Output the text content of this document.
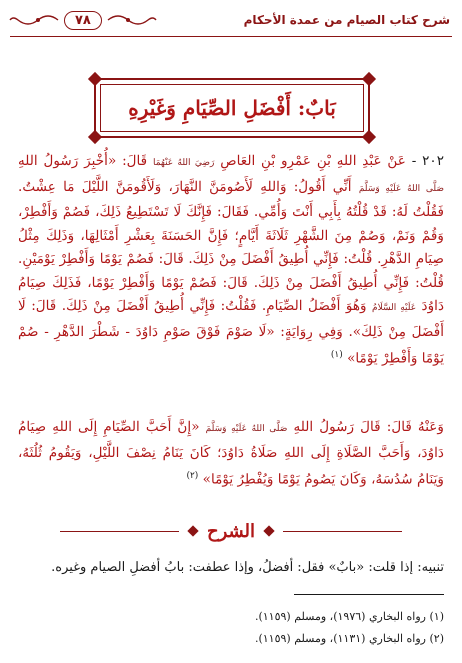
شرح كتاب الصيام من عمدة الأحكام
٧٨
بَابٌ: أَفْضَلِ الصِّيَامِ وَغَيْرِهِ
٢٠٢ - عَنْ عَبْدِ اللهِ بْنِ عَمْرِو بْنِ العَاصِ رَضِيَ اللهُ عَنْهُمَا قَالَ: «أُخْبِرَ رَسُولُ اللهِ صَلَّى اللهُ عَلَيْهِ وَسَلَّمَ أَنِّي أَقُولُ: وَاللهِ لَأَصُومَنَّ النَّهَارَ، وَلَأَقُومَنَّ اللَّيْلَ مَا عِشْتُ. فَقُلْتُ لَهُ: قَدْ قُلْتُهُ بِأَبِي أَنْتَ وَأُمِّي. فَقَالَ: فَإِنَّكَ لَا تَسْتَطِيعُ ذَلِكَ، فَصُمْ وَأَفْطِرْ، وَقُمْ وَنَمْ، وَصُمْ مِنَ الشَّهْرِ ثَلَاثَةَ أَيَّامٍ؛ فَإِنَّ الحَسَنَةَ بِعَشْرِ أَمْثَالِهَا، وَذَلِكَ مِثْلُ صِيَامِ الدَّهْرِ. قُلْتُ: فَإِنِّي أُطِيقُ أَفْضَلَ مِنْ ذَلِكَ. قَالَ: فَصُمْ يَوْمًا وَأَفْطِرْ يَوْمَيْنِ. قُلْتُ: فَإِنِّي أُطِيقُ أَفْضَلَ مِنْ ذَلِكَ. قَالَ: فَصُمْ يَوْمًا وَأَفْطِرْ يَوْمًا، فَذَلِكَ صِيَامُ دَاوُدَ عَلَيْهِ السَّلَامُ وَهُوَ أَفْضَلُ الصِّيَامِ. فَقُلْتُ: فَإِنِّي أُطِيقُ أَفْضَلَ مِنْ ذَلِكَ. قَالَ: لَا أَفْضَلَ مِنْ ذَلِكَ». وَفِي رِوَايَةٍ: «لَا صَوْمَ فَوْقَ صَوْمِ دَاوُدَ - شَطْرَ الدَّهْرِ - صُمْ يَوْمًا وَأَفْطِرْ يَوْمًا» $^{(١)}$
وَعَنْهُ قَالَ: قَالَ رَسُولُ اللهِ صَلَّى اللهُ عَلَيْهِ وَسَلَّمَ «إِنَّ أَحَبَّ الصِّيَامِ إِلَى اللهِ صِيَامُ دَاوُدَ، وَأَحَبَّ الصَّلَاةِ إِلَى اللهِ صَلَاةُ دَاوُدَ؛ كَانَ يَنَامُ نِصْفَ اللَّيْلِ، وَيَقُومُ ثُلُثَهُ، وَيَنَامُ سُدُسَهُ، وَكَانَ يَصُومُ يَوْمًا وَيُفْطِرُ يَوْمًا» $^{(٢)}$
الشرح
تنبيه: إذا قلت: «بابٌ» فقل: أفضلُ، وإذا عطفت: بابُ أفضلِ الصيام وغيره.
(١) رواه البخاري (١٩٧٦)، ومسلم (١١٥٩).
(٢) رواه البخاري (١١٣١)، ومسلم (١١٥٩).
